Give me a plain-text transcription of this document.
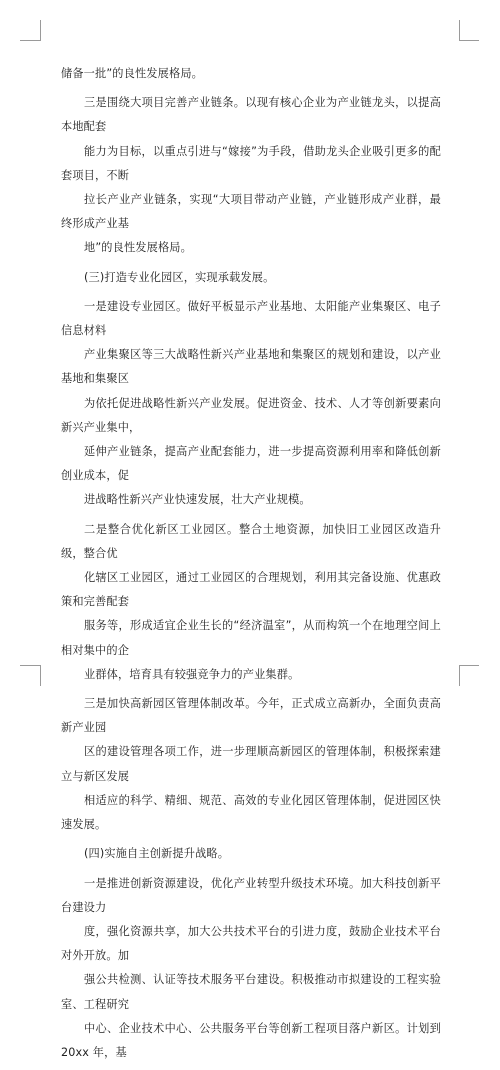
储备一批”的良性发展格局。

三是围绕大项目完善产业链条。以现有核心企业为产业链龙头，以提高本地配套
能力为目标，以重点引进与“嫁接”为手段，借助龙头企业吸引更多的配套项目，不断
拉长产业产业链条，实现“大项目带动产业链，产业链形成产业群，最终形成产业基
地”的良性发展格局。

(三)打造专业化园区，实现承载发展。

一是建设专业园区。做好平板显示产业基地、太阳能产业集聚区、电子信息材料
产业集聚区等三大战略性新兴产业基地和集聚区的规划和建设，以产业基地和集聚区
为依托促进战略性新兴产业发展。促进资金、技术、人才等创新要素向新兴产业集中，
延伸产业链条，提高产业配套能力，进一步提高资源利用率和降低创新创业成本，促
进战略性新兴产业快速发展，壮大产业规模。

二是整合优化新区工业园区。整合土地资源，加快旧工业园区改造升级，整合优
化辖区工业园区，通过工业园区的合理规划，利用其完备设施、优惠政策和完善配套
服务等，形成适宜企业生长的“经济温室”，从而构筑一个在地理空间上相对集中的企
业群体，培育具有较强竞争力的产业集群。

三是加快高新园区管理体制改革。今年，正式成立高新办，全面负责高新产业园
区的建设管理各项工作，进一步理顺高新园区的管理体制，积极探索建立与新区发展
相适应的科学、精细、规范、高效的专业化园区管理体制，促进园区快速发展。

(四)实施自主创新提升战略。

一是推进创新资源建设，优化产业转型升级技术环境。加大科技创新平台建设力
度，强化资源共享，加大公共技术平台的引进力度，鼓励企业技术平台对外开放。加
强公共检测、认证等技术服务平台建设。积极推动市拟建设的工程实验室、工程研究
中心、企业技术中心、公共服务平台等创新工程项目落户新区。计划到 20xx 年，基
